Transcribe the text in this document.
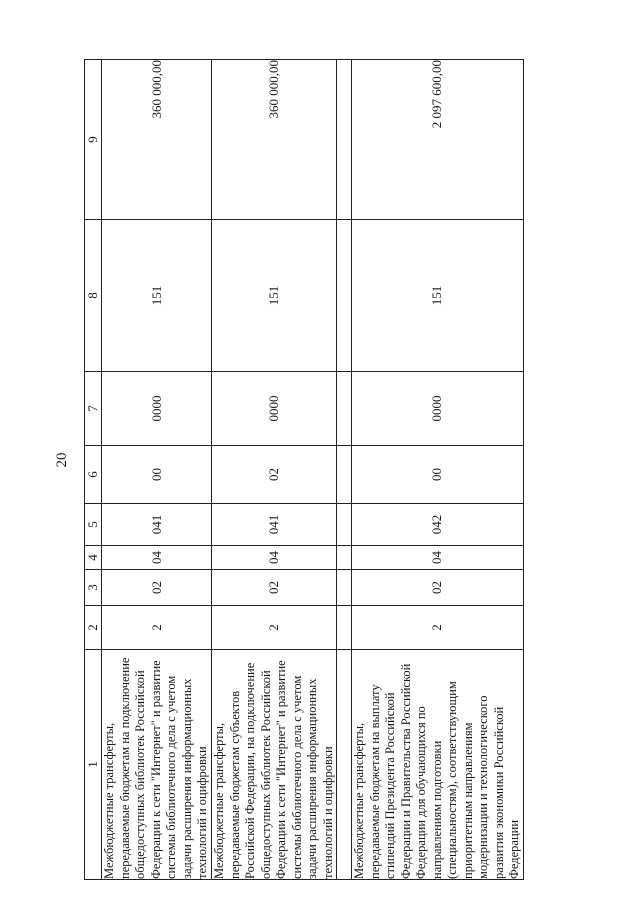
20
1	2	3	4	5	6	7	8	9
Межбюджетные трансферты, передаваемые бюджетам на подключение общедоступных библиотек Российской Федерации к сети "Интернет" и развитие системы библиотечного дела с учетом задачи расширения информационных технологий и оцифровки	2	02	04	041	00	0000	151	360 000,00
Межбюджетные трансферты, передаваемые бюджетам субъектов Российской Федерации, на подключение общедоступных библиотек Российской Федерации к сети "Интернет" и развитие системы библиотечного дела с учетом задачи расширения информационных технологий и оцифровки	2	02	04	041	02	0000	151	360 000,00

Межбюджетные трансферты, передаваемые бюджетам на выплату стипендий Президента Российской Федерации и Правительства Российской Федерации для обучающихся по направлениям подготовки (специальностям), соответствующим приоритетным направлениям модернизации и технологического развития экономики Российской Федерации	2	02	04	042	00	0000	151	2 097 600,00
